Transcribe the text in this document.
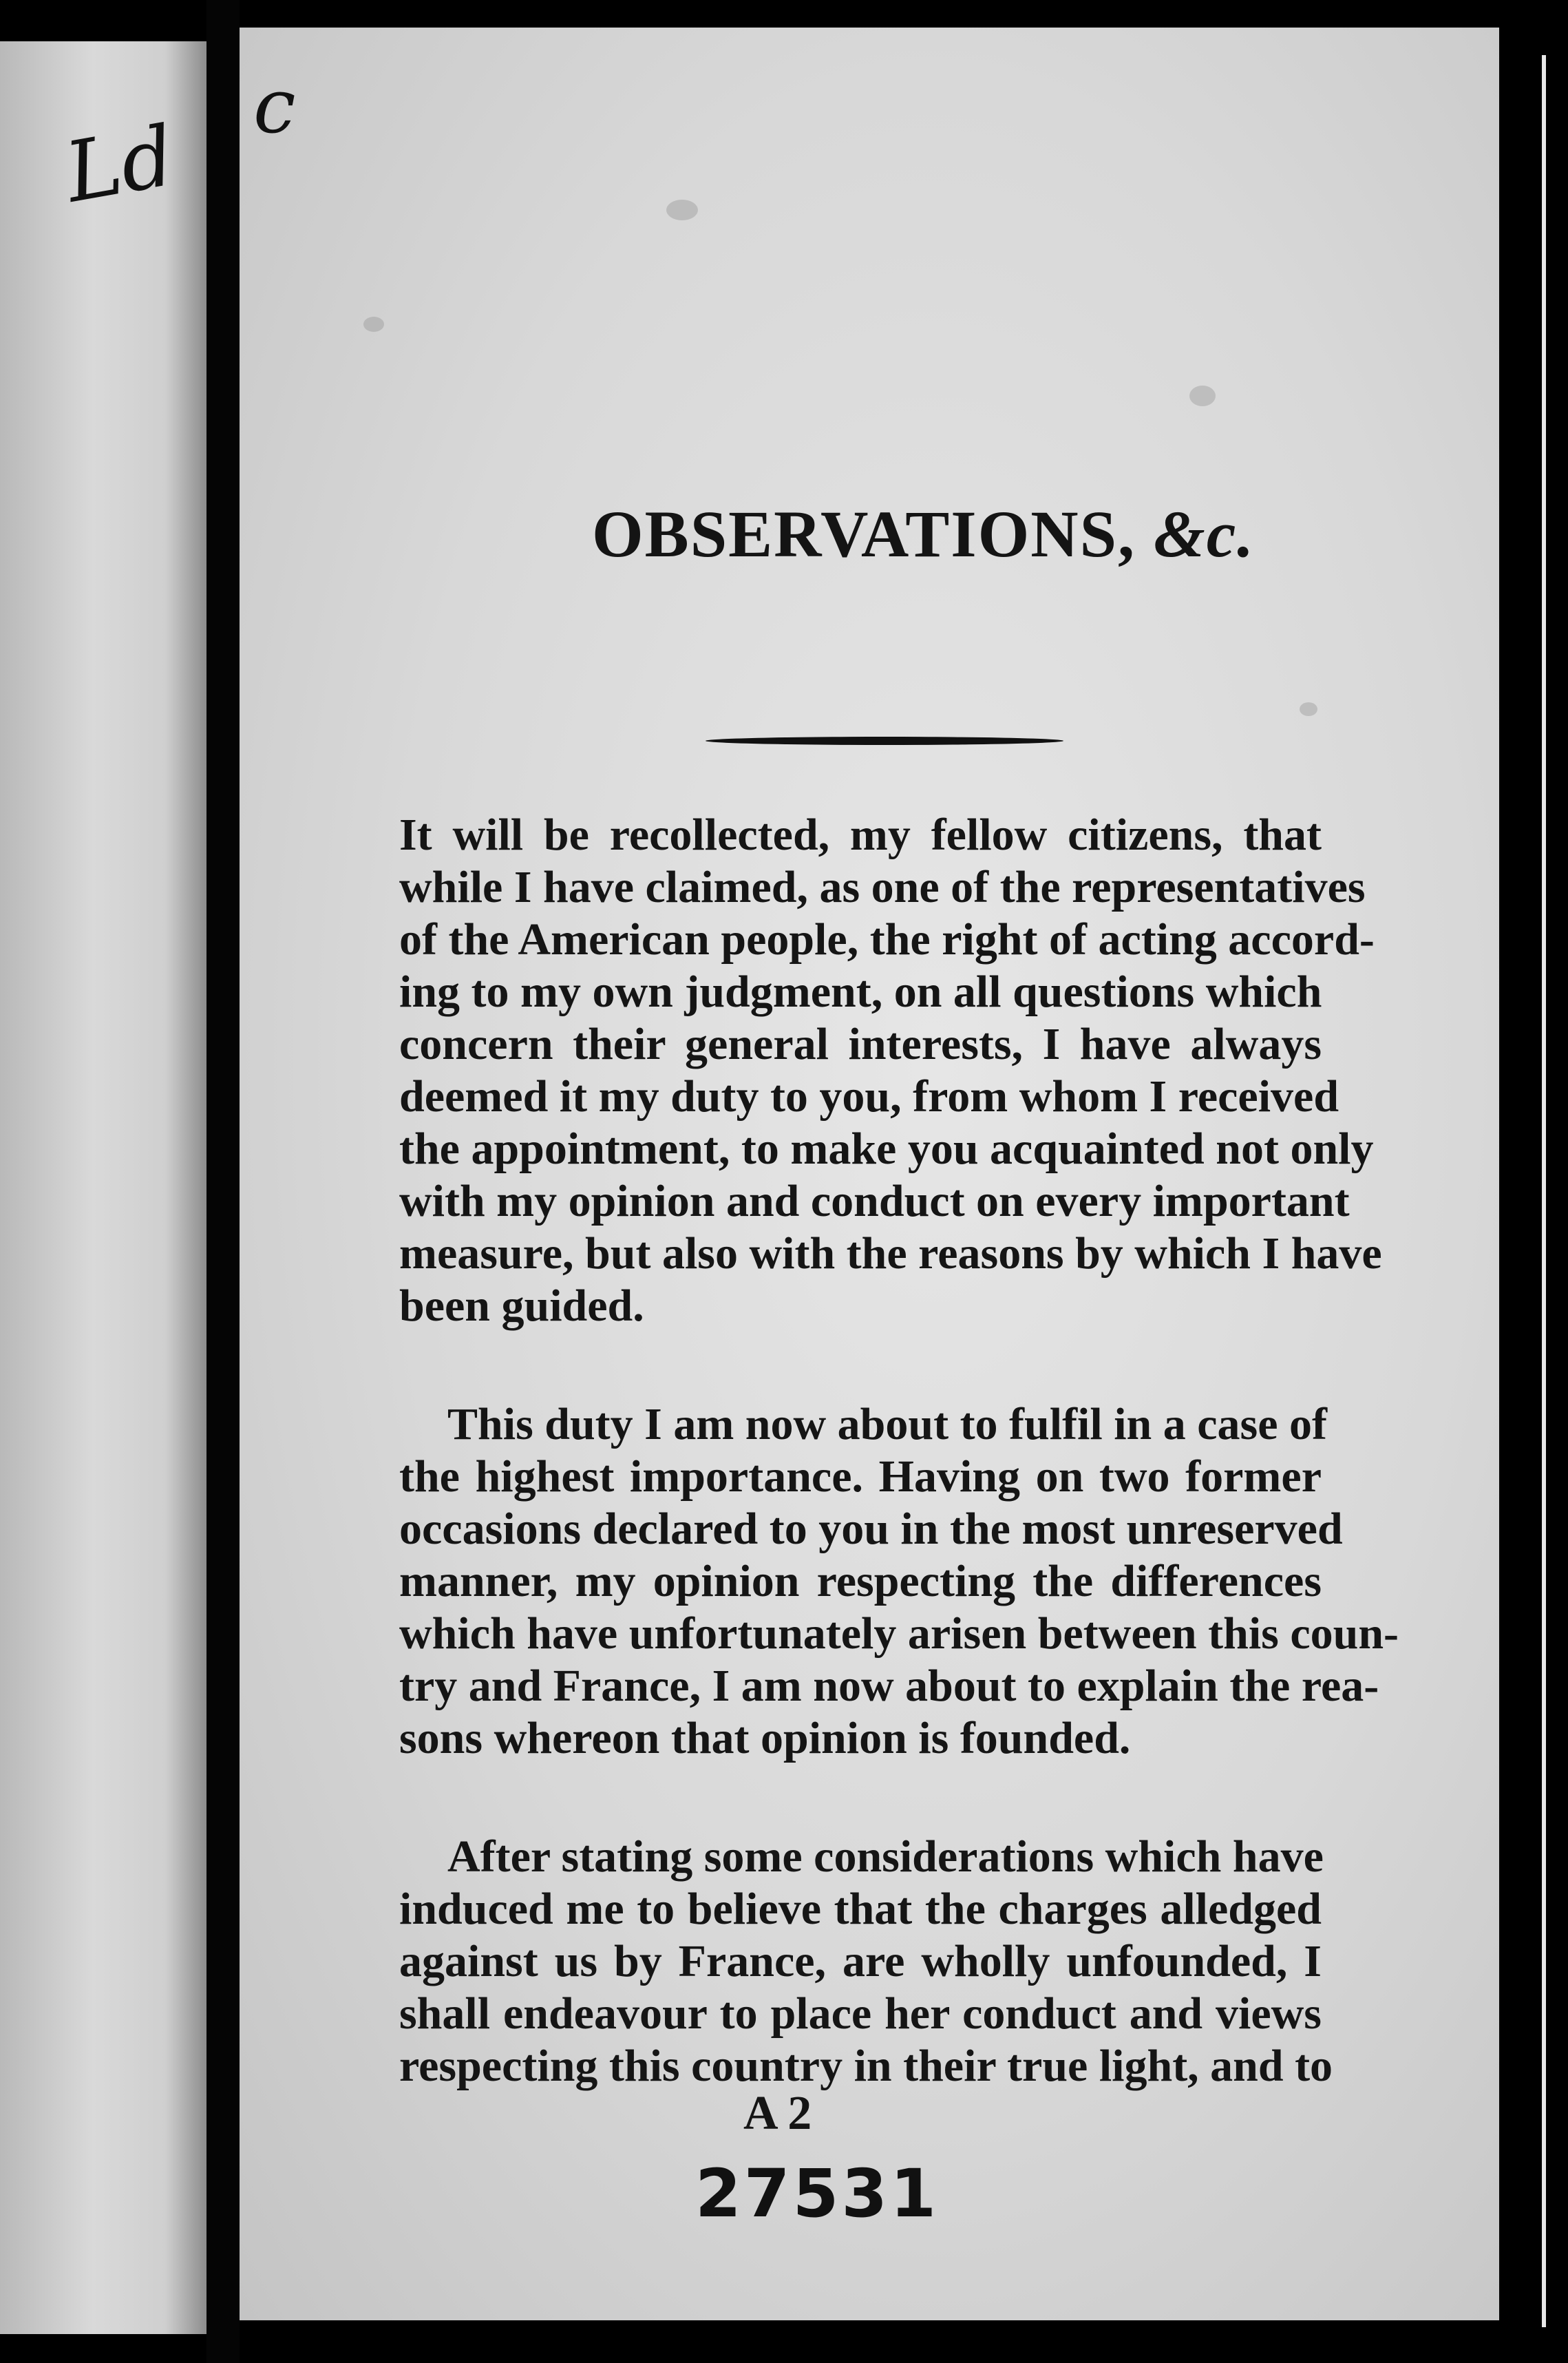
Ld
c
OBSERVATIONS, &c.
It will be recollected, my fellow citizens, that
while I have claimed, as one of the representatives
of the American people, the right of acting accord-
ing to my own judgment, on all questions which
concern their general interests, I have always
deemed it my duty to you, from whom I received
the appointment, to make you acquainted not only
with my opinion and conduct on every important
measure, but also with the reasons by which I have
been guided.
This duty I am now about to fulfil in a case of
the highest importance. Having on two former
occasions declared to you in the most unreserved
manner, my opinion respecting the differences
which have unfortunately arisen between this coun-
try and France, I am now about to explain the rea-
sons whereon that opinion is founded.
After stating some considerations which have
induced me to believe that the charges alledged
against us by France, are wholly unfounded, I
shall endeavour to place her conduct and views
respecting this country in their true light, and to
A 2
27531
